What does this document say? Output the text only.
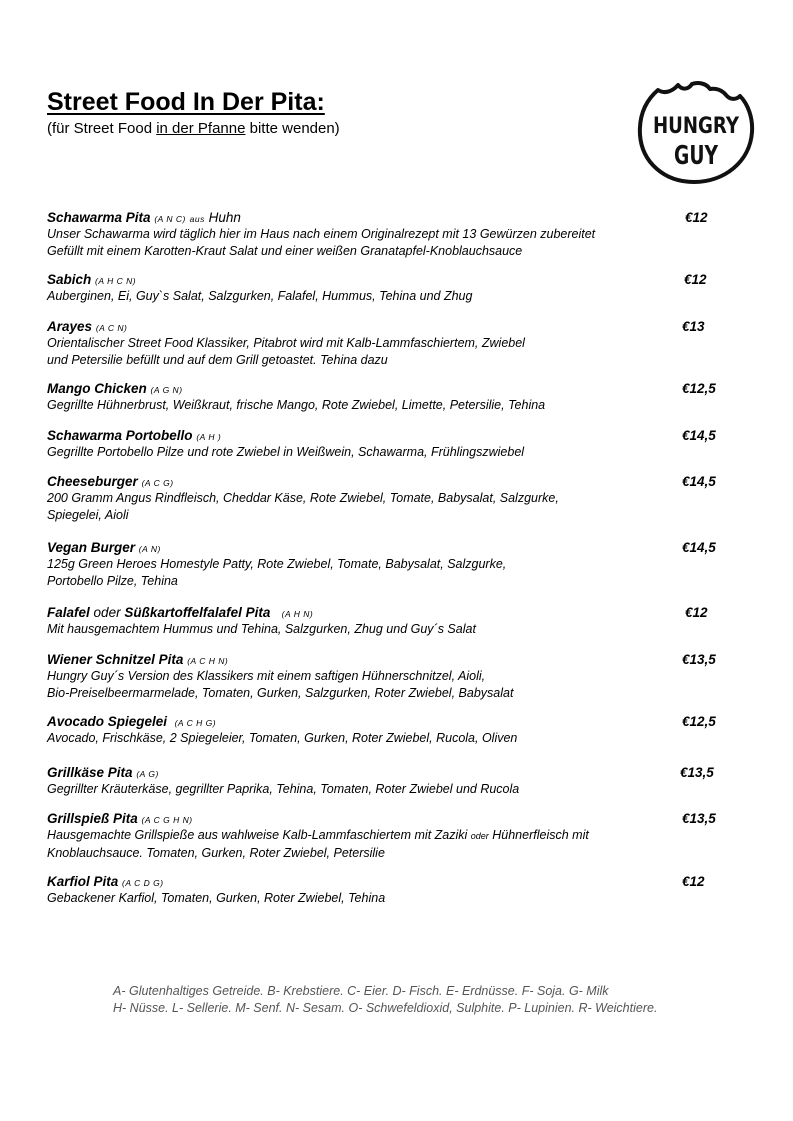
Street Food In Der Pita:
(für Street Food in der Pfanne bitte wenden)	HUNGRY
GUY
Schawarma Pita (A N C) aus Huhn	€12
Unser Schawarma wird täglich hier im Haus nach einem Originalrezept mit 13 Gewürzen zubereitet
Gefüllt mit einem Karotten-Kraut Salat und einer weißen Granatapfel-Knoblauchsauce
Sabich (A H C N)	€12
Auberginen, Ei, Guy`s Salat, Salzgurken, Falafel, Hummus, Tehina und Zhug
Arayes (A C N)	€13
Orientalischer Street Food Klassiker, Pitabrot wird mit Kalb-Lammfaschiertem, Zwiebel
und Petersilie befüllt und auf dem Grill getoastet. Tehina dazu
Mango Chicken (A G N)	€12,5
Gegrillte Hühnerbrust, Weißkraut, frische Mango, Rote Zwiebel, Limette, Petersilie, Tehina
Schawarma Portobello (A H )	€14,5
Gegrillte Portobello Pilze und rote Zwiebel in Weißwein, Schawarma, Frühlingszwiebel
Cheeseburger (A C G)	€14,5
200 Gramm Angus Rindfleisch, Cheddar Käse, Rote Zwiebel, Tomate, Babysalat, Salzgurke,
Spiegelei, Aioli
Vegan Burger (A N)	€14,5
125g Green Heroes Homestyle Patty, Rote Zwiebel, Tomate, Babysalat, Salzgurke,
Portobello Pilze, Tehina
Falafel oder Süßkartoffelfalafel Pita (A H N)	€12
Mit hausgemachtem Hummus und Tehina, Salzgurken, Zhug und Guy´s Salat
Wiener Schnitzel Pita (A C H N)	€13,5
Hungry Guy´s Version des Klassikers mit einem saftigen Hühnerschnitzel, Aioli,
Bio-Preiselbeermarmelade, Tomaten, Gurken, Salzgurken, Roter Zwiebel, Babysalat
Avocado Spiegelei (A C H G)	€12,5
Avocado, Frischkäse, 2 Spiegeleier, Tomaten, Gurken, Roter Zwiebel, Rucola, Oliven
Grillkäse Pita (A G)	€13,5
Gegrillter Kräuterkäse, gegrillter Paprika, Tehina, Tomaten, Roter Zwiebel und Rucola
Grillspieß Pita (A C G H N)	€13,5
Hausgemachte Grillspieße aus wahlweise Kalb-Lammfaschiertem mit Zaziki oder Hühnerfleisch mit
Knoblauchsauce. Tomaten, Gurken, Roter Zwiebel, Petersilie
Karfiol Pita (A C D G)	€12
Gebackener Karfiol, Tomaten, Gurken, Roter Zwiebel, Tehina
A- Glutenhaltiges Getreide. B- Krebstiere. C- Eier. D- Fisch. E- Erdnüsse. F- Soja. G- Milk
H- Nüsse. L- Sellerie. M- Senf. N- Sesam. O- Schwefeldioxid, Sulphite. P- Lupinien. R- Weichtiere.
